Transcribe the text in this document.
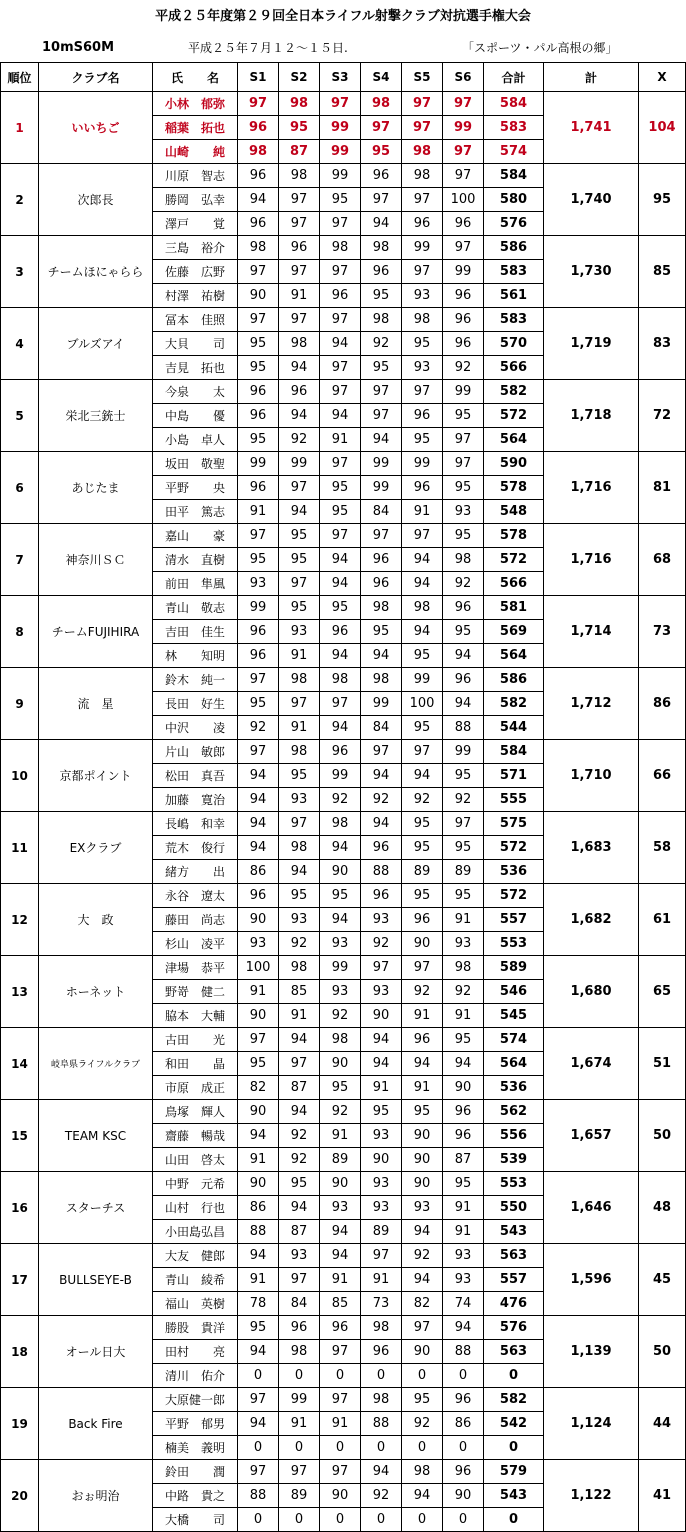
平成２５年度第２９回全日本ライフル射撃クラブ対抗選手権大会
10mS60M	平成２５年７月１２～１５日.	「スポーツ・パル高根の郷」
順位	クラブ名	氏　　名	S1	S2	S3	S4	S5	S6	合計	計	X
1	いいちご	小林　郁弥	97	98	97	98	97	97	584	1,741	104
		稲葉　拓也	96	95	99	97	97	99	583		
		山崎　　純	98	87	99	95	98	97	574		
2	次郎長	川原　智志	96	98	99	96	98	97	584	1,740	95
		勝岡　弘幸	94	97	95	97	97	100	580		
		澤戸　　覚	96	97	97	94	96	96	576		
3	チームほにゃらら	三島　裕介	98	96	98	98	99	97	586	1,730	85
		佐藤　広野	97	97	97	96	97	99	583		
		村澤　祐樹	90	91	96	95	93	96	561		
4	ブルズアイ	冨本　佳照	97	97	97	98	98	96	583	1,719	83
		大貝　　司	95	98	94	92	95	96	570		
		吉見　拓也	95	94	97	95	93	92	566		
5	栄北三銃士	今泉　　太	96	96	97	97	97	99	582	1,718	72
		中島　　優	96	94	94	97	96	95	572		
		小島　卓人	95	92	91	94	95	97	564		
6	あじたま	坂田　敬聖	99	99	97	99	99	97	590	1,716	81
		平野　　央	96	97	95	99	96	95	578		
		田平　篤志	91	94	95	84	91	93	548		
7	神奈川ＳＣ	嘉山　　豪	97	95	97	97	97	95	578	1,716	68
		清水　直樹	95	95	94	96	94	98	572		
		前田　隼風	93	97	94	96	94	92	566		
8	チームFUJIHIRA	青山　敬志	99	95	95	98	98	96	581	1,714	73
		吉田　佳生	96	93	96	95	94	95	569		
		林　　知明	96	91	94	94	95	94	564		
9	流　星	鈴木　純一	97	98	98	98	99	96	586	1,712	86
		長田　好生	95	97	97	99	100	94	582		
		中沢　　凌	92	91	94	84	95	88	544		
10	京都ポイント	片山　敏郎	97	98	96	97	97	99	584	1,710	66
		松田　真吾	94	95	99	94	94	95	571		
		加藤　寛治	94	93	92	92	92	92	555		
11	EXクラブ	長嶋　和幸	94	97	98	94	95	97	575	1,683	58
		荒木　俊行	94	98	94	96	95	95	572		
		緒方　　出	86	94	90	88	89	89	536		
12	大　政	永谷　遼太	96	95	95	96	95	95	572	1,682	61
		藤田　尚志	90	93	94	93	96	91	557		
		杉山　凌平	93	92	93	92	90	93	553		
13	ホーネット	津場　恭平	100	98	99	97	97	98	589	1,680	65
		野嵜　健二	91	85	93	93	92	92	546		
		脇本　大輔	90	91	92	90	91	91	545		
14	岐阜県ライフルクラブ	古田　　光	97	94	98	94	96	95	574	1,674	51
		和田　　晶	95	97	90	94	94	94	564		
		市原　成正	82	87	95	91	91	90	536		
15	TEAM KSC	鳥塚　輝人	90	94	92	95	95	96	562	1,657	50
		齋藤　暢哉	94	92	91	93	90	96	556		
		山田　啓太	91	92	89	90	90	87	539		
16	スターチス	中野　元希	90	95	90	93	90	95	553	1,646	48
		山村　行也	86	94	93	93	93	91	550		
		小田島弘昌	88	87	94	89	94	91	543		
17	BULLSEYE-B	大友　健郎	94	93	94	97	92	93	563	1,596	45
		青山　綾希	91	97	91	91	94	93	557		
		福山　英樹	78	84	85	73	82	74	476		
18	オール日大	勝股　貴洋	95	96	96	98	97	94	576	1,139	50
		田村　　亮	94	98	97	96	90	88	563		
		清川　佑介	0	0	0	0	0	0	0		
19	Back Fire	大原健一郎	97	99	97	98	95	96	582	1,124	44
		平野　郁男	94	91	91	88	92	86	542		
		楠美　義明	0	0	0	0	0	0	0		
20	おぉ明治	鈴田　　潤	97	97	97	94	98	96	579	1,122	41
		中路　貴之	88	89	90	92	94	90	543		
		大橋　　司	0	0	0	0	0	0	0		
